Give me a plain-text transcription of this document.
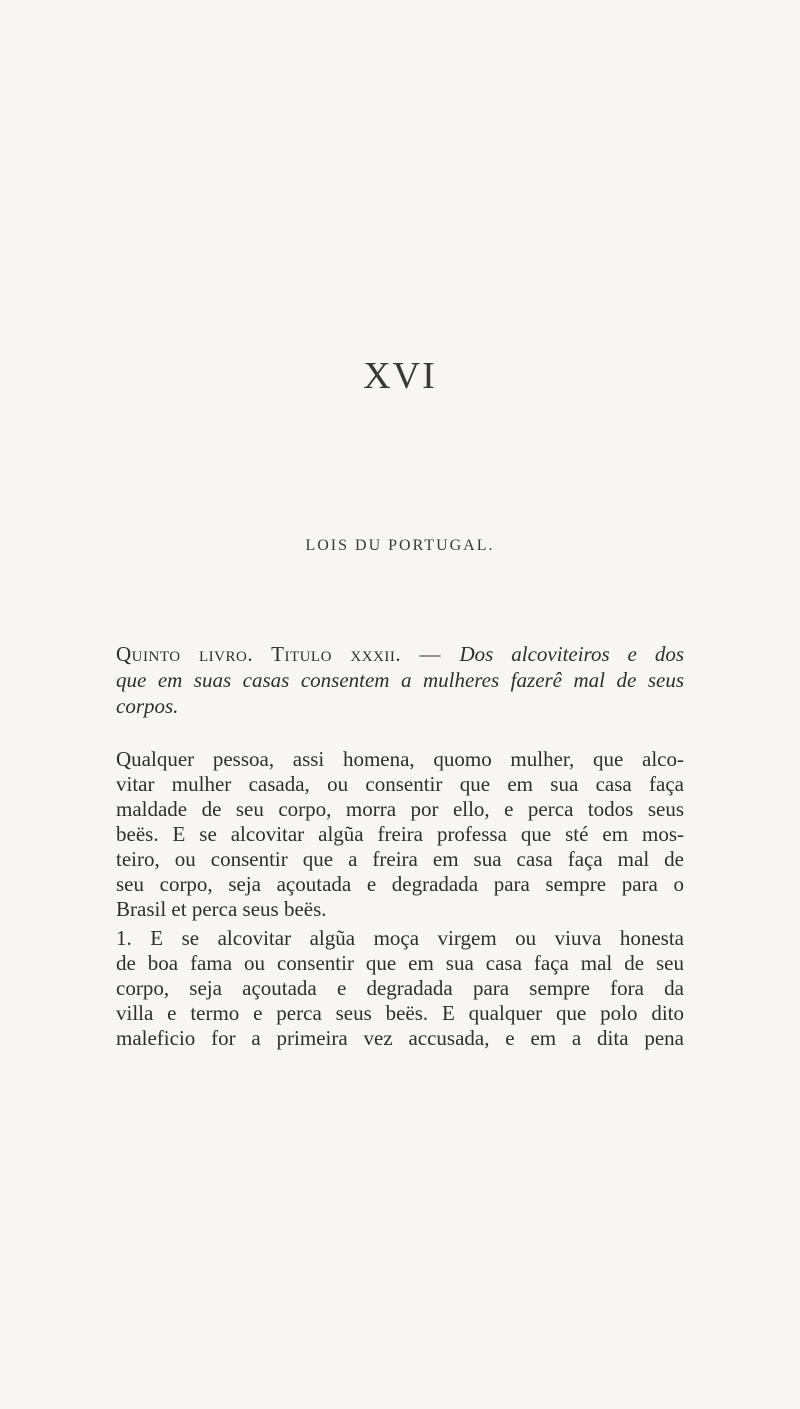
XVI
LOIS DU PORTUGAL.
Quinto livro. Titulo xxxii. — Dos alcoviteiros e dos
que em suas casas consentem a mulheres fazerê mal de seus
corpos.
Qualquer pessoa, assi homena, quomo mulher, que alco-
vitar mulher casada, ou consentir que em sua casa faça
maldade de seu corpo, morra por ello, e perca todos seus
beës. E se alcovitar algũa freira professa que sté em mos-
teiro, ou consentir que a freira em sua casa faça mal de
seu corpo, seja açoutada e degradada para sempre para o
Brasil et perca seus beës.
1. E se alcovitar algũa moça virgem ou viuva honesta
de boa fama ou consentir que em sua casa faça mal de seu
corpo, seja açoutada e degradada para sempre fora da
villa e termo e perca seus beës. E qualquer que polo dito
maleficio for a primeira vez accusada, e em a dita pena
